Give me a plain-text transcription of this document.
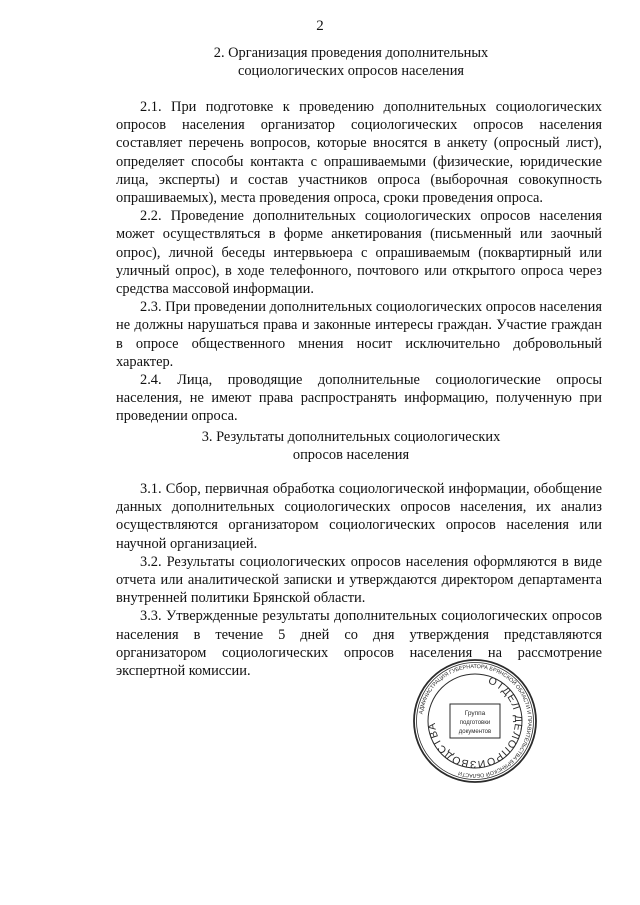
2
2. Организация проведения дополнительных
социологических опросов населения

2.1. При подготовке к проведению дополнительных социологических опросов населения организатор социологических опросов населения составляет перечень вопросов, которые вносятся в анкету (опросный лист), определяет способы контакта с опрашиваемыми (физические, юридические лица, эксперты) и состав участников опроса (выборочная совокупность опрашиваемых), места проведения опроса, сроки проведения опроса.

2.2. Проведение дополнительных социологических опросов населения может осуществляться в форме анкетирования (письменный или заочный опрос), личной беседы интервьюера с опрашиваемым (поквартирный или уличный опрос), в ходе телефонного, почтового или открытого опроса через средства массовой информации.

2.3. При проведении дополнительных социологических опросов населения не должны нарушаться права и законные интересы граждан. Участие граждан в опросе общественного мнения носит исключительно добровольный характер.

2.4. Лица, проводящие дополнительные социологические опросы населения, не имеют права распространять информацию, полученную при проведении опроса.

3. Результаты дополнительных социологических
опросов населения

3.1. Сбор, первичная обработка социологической информации, обобщение данных дополнительных социологических опросов населения, их анализ осуществляются организатором социологических опросов населения или научной организацией.

3.2. Результаты социологических опросов населения оформляются в виде отчета или аналитической записки и утверждаются директором департамента внутренней политики Брянской области.

3.3. Утвержденные результаты дополнительных социологических опросов населения в течение 5 дней со дня утверждения представляются организатором социологических опросов населения на рассмотрение экспертной комиссии.

АДМИНИСТРАЦИЯ ГУБЕРНАТОРА БРЯНСКОЙ ОБЛАСТИ И ПРАВИТЕЛЬСТВА БРЯНСКОЙ ОБЛАСТИ
ОТДЕЛ ДЕЛОПРОИЗВОДСТВА
Группа
подготовки
документов
